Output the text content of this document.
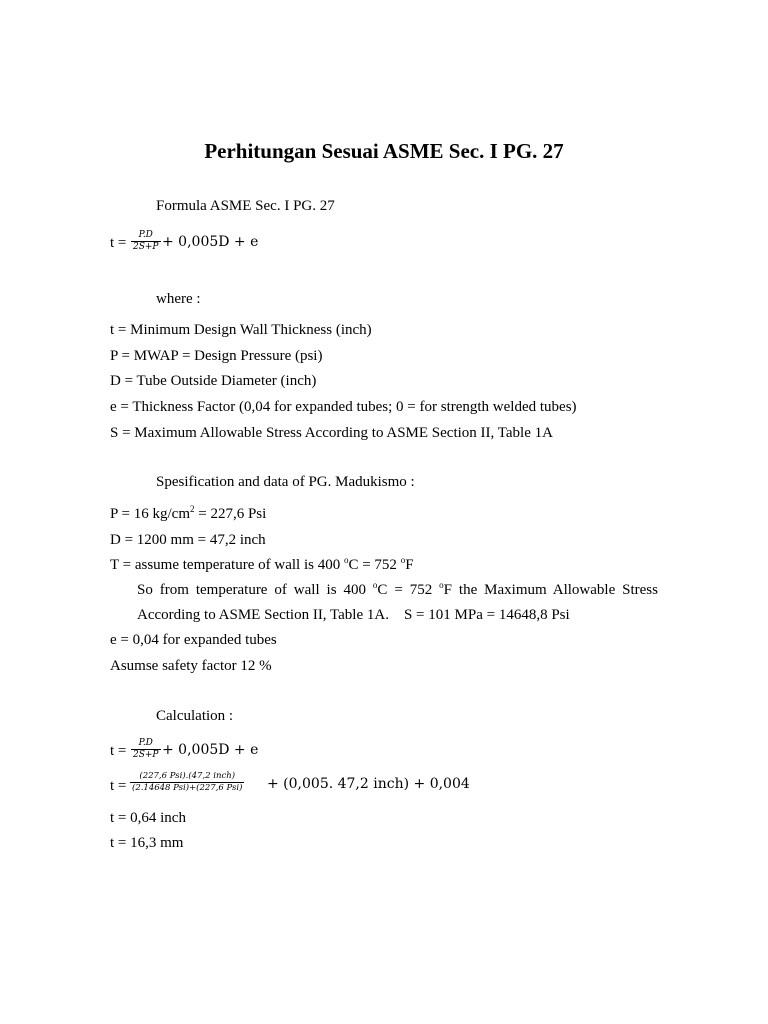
Perhitungan Sesuai ASME Sec. I PG. 27
Formula ASME Sec. I PG. 27
$t = \frac{P.D}{2S+P} + 0,005D + e$
where :
t = Minimum Design Wall Thickness (inch)
P = MWAP = Design Pressure (psi)
D = Tube Outside Diameter (inch)
e = Thickness Factor (0,04 for expanded tubes; 0 = for strength welded tubes)
S = Maximum Allowable Stress According to ASME Section II, Table 1A
Spesification and data of PG. Madukismo :
P = 16 $kg/cm^2 = 227,6$ Psi
D = 1200 mm = 47,2 inch
T = assume temperature of wall is 400 $^o$C = 752 $^o$F
So from temperature of wall is 400 $^o$C = 752 $^o$F the Maximum Allowable Stress
According to ASME Section II, Table 1A.    S = 101 MPa = 14648,8 Psi
e = 0,04 for expanded tubes
Asumse safety factor 12 %
Calculation :
$t = \frac{P.D}{2S+P} + 0,005D + e$
t =
(227,6 Psi).(47,2 inch)
(2.14648 Psi)+(227,6 Psi) + (0,005. 47,2 inch) + 0,004
t = 0,64 inch
t = 16,3 mm
